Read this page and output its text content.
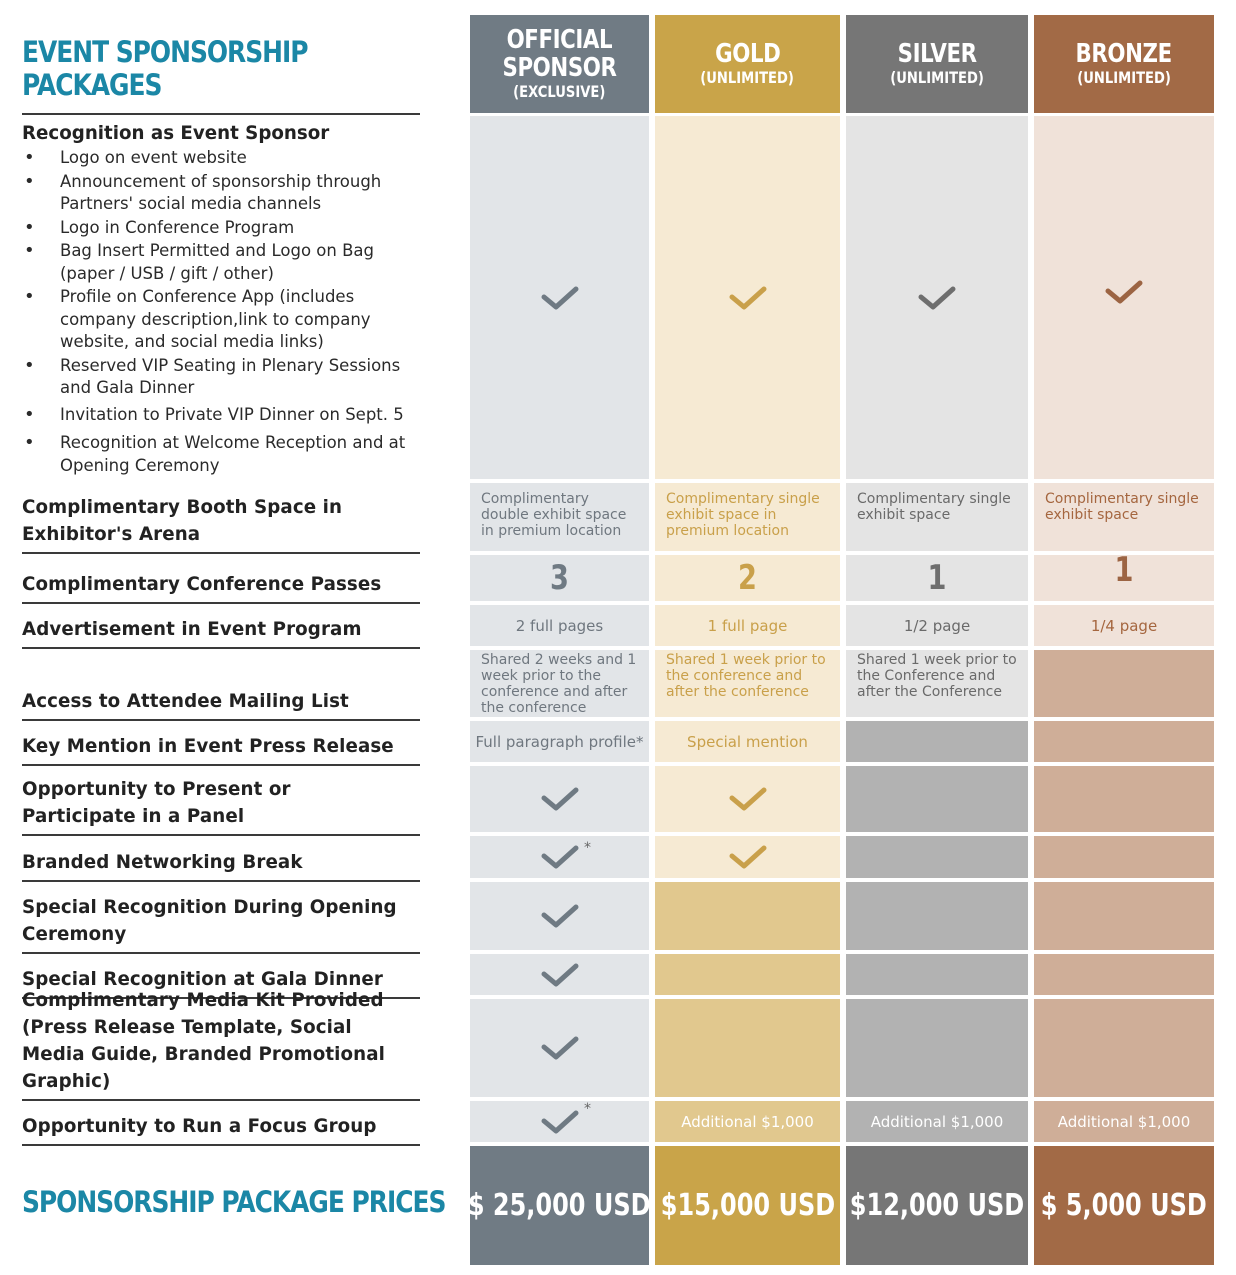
EVENT SPONSORSHIP
PACKAGES
OFFICIAL
SPONSOR
(EXCLUSIVE)
GOLD
(UNLIMITED)
SILVER
(UNLIMITED)
BRONZE
(UNLIMITED)
Recognition as Event Sponsor
• Logo on event website
• Announcement of sponsorship through Partners' social media channels
• Logo in Conference Program
• Bag Insert Permitted and Logo on Bag (paper / USB / gift / other)
• Profile on Conference App (includes company description,link to company website, and social media links)
• Reserved VIP Seating in Plenary Sessions and Gala Dinner
• Invitation to Private VIP Dinner on Sept. 5
• Recognition at Welcome Reception and at Opening Ceremony
Complimentary Booth Space in Exhibitor's Arena
Complimentary Conference Passes
Advertisement in Event Program
Access to Attendee Mailing List
Key Mention in Event Press Release
Opportunity to Present or Participate in a Panel
Branded Networking Break
Special Recognition During Opening Ceremony
Special Recognition at Gala Dinner
Complimentary Media Kit Provided (Press Release Template, Social Media Guide, Branded Promotional Graphic)
Opportunity to Run a Focus Group
SPONSORSHIP PACKAGE PRICES
Complimentary double exhibit space in premium location
3
2 full pages
Shared 2 weeks and 1 week prior to the conference and after the conference
Full paragraph profile*
*
*
Complimentary single exhibit space in premium location
2
1 full page
Shared 1 week prior to the conference and after the conference
Special mention
Additional $1,000
Complimentary single exhibit space
1
1/2 page
Shared 1 week prior to the Conference and after the Conference
Additional $1,000
Complimentary single exhibit space
1
1/4 page
Additional $1,000
$ 25,000 USD $15,000 USD $12,000 USD $ 5,000 USD
